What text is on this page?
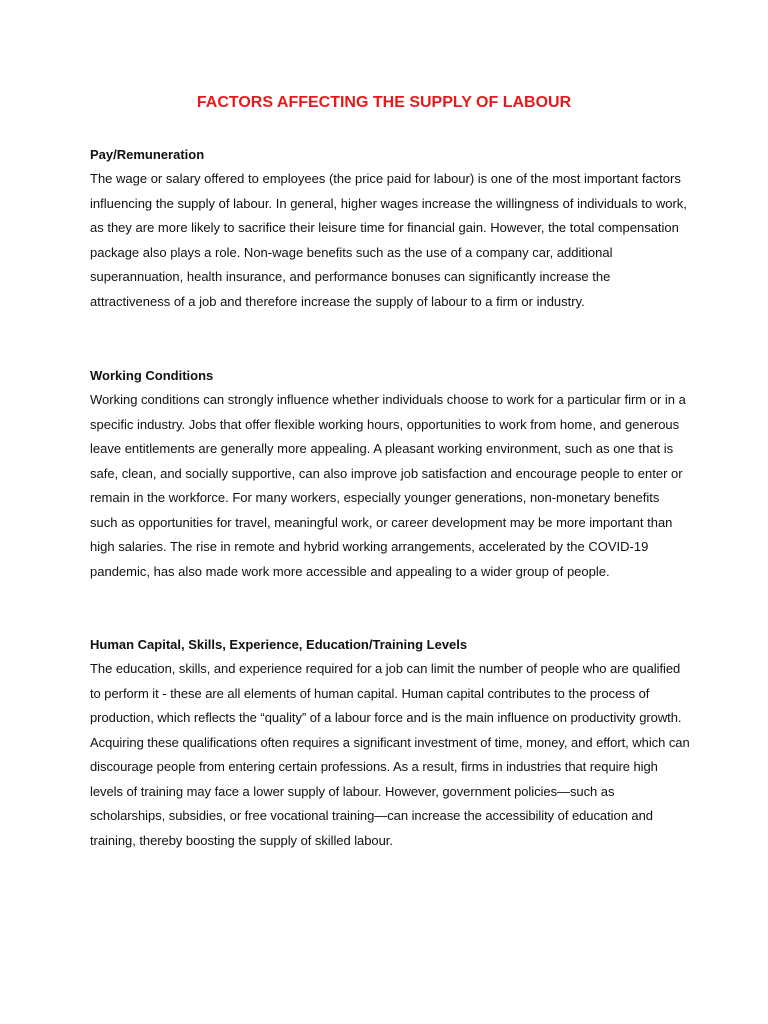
FACTORS AFFECTING THE SUPPLY OF LABOUR
Pay/Remuneration

The wage or salary offered to employees (the price paid for labour) is one of the most important factors influencing the supply of labour. In general, higher wages increase the willingness of individuals to work, as they are more likely to sacrifice their leisure time for financial gain. However, the total compensation package also plays a role. Non-wage benefits such as the use of a company car, additional superannuation, health insurance, and performance bonuses can significantly increase the attractiveness of a job and therefore increase the supply of labour to a firm or industry.

Working Conditions

Working conditions can strongly influence whether individuals choose to work for a particular firm or in a specific industry. Jobs that offer flexible working hours, opportunities to work from home, and generous leave entitlements are generally more appealing. A pleasant working environment, such as one that is safe, clean, and socially supportive, can also improve job satisfaction and encourage people to enter or remain in the workforce. For many workers, especially younger generations, non-monetary benefits such as opportunities for travel, meaningful work, or career development may be more important than high salaries. The rise in remote and hybrid working arrangements, accelerated by the COVID-19 pandemic, has also made work more accessible and appealing to a wider group of people.

Human Capital, Skills, Experience, Education/Training Levels

The education, skills, and experience required for a job can limit the number of people who are qualified to perform it - these are all elements of human capital. Human capital contributes to the process of production, which reflects the “quality” of a labour force and is the main influence on productivity growth. Acquiring these qualifications often requires a significant investment of time, money, and effort, which can discourage people from entering certain professions. As a result, firms in industries that require high levels of training may face a lower supply of labour. However, government policies—such as scholarships, subsidies, or free vocational training—can increase the accessibility of education and training, thereby boosting the supply of skilled labour.
